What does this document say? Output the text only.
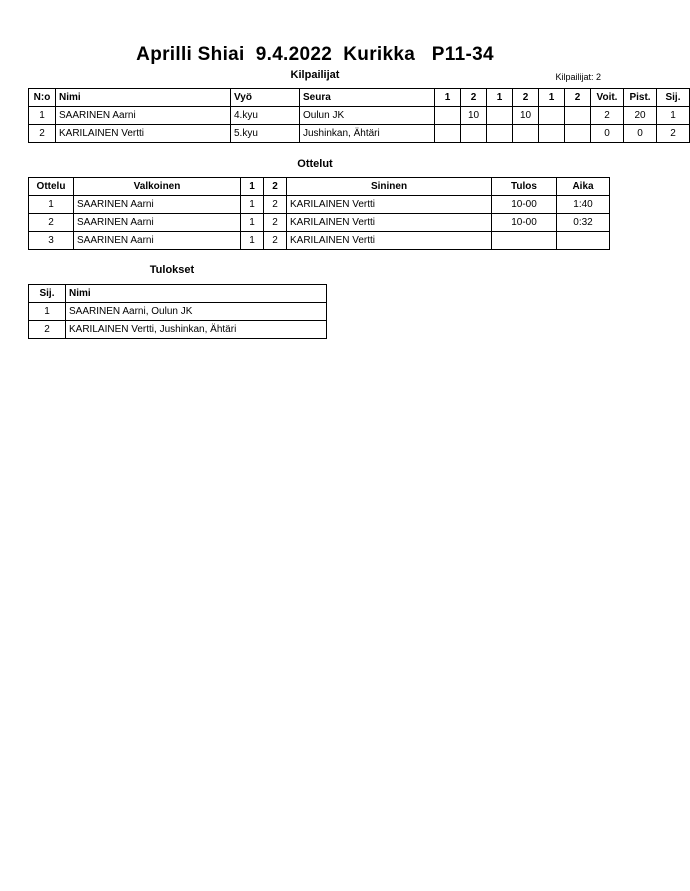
Aprilli Shiai  9.4.2022  Kurikka   P11-34
Kilpailijat	Kilpailijat: 2
N:o	Nimi	Vyö	Seura	1	2	1	2	1	2	Voit.	Pist.	Sij.
1	SAARINEN Aarni	4.kyu	Oulun JK		10		10			2	20	1
2	KARILAINEN Vertti	5.kyu	Jushinkan, Ähtäri							0	0	2
Ottelut
Ottelu	Valkoinen	1	2	Sininen	Tulos	Aika
1	SAARINEN Aarni	1	2	KARILAINEN Vertti	10-00	1:40
2	SAARINEN Aarni	1	2	KARILAINEN Vertti	10-00	0:32
3	SAARINEN Aarni	1	2	KARILAINEN Vertti		
Tulokset
Sij.	Nimi
1	SAARINEN Aarni, Oulun JK
2	KARILAINEN Vertti, Jushinkan, Ähtäri
